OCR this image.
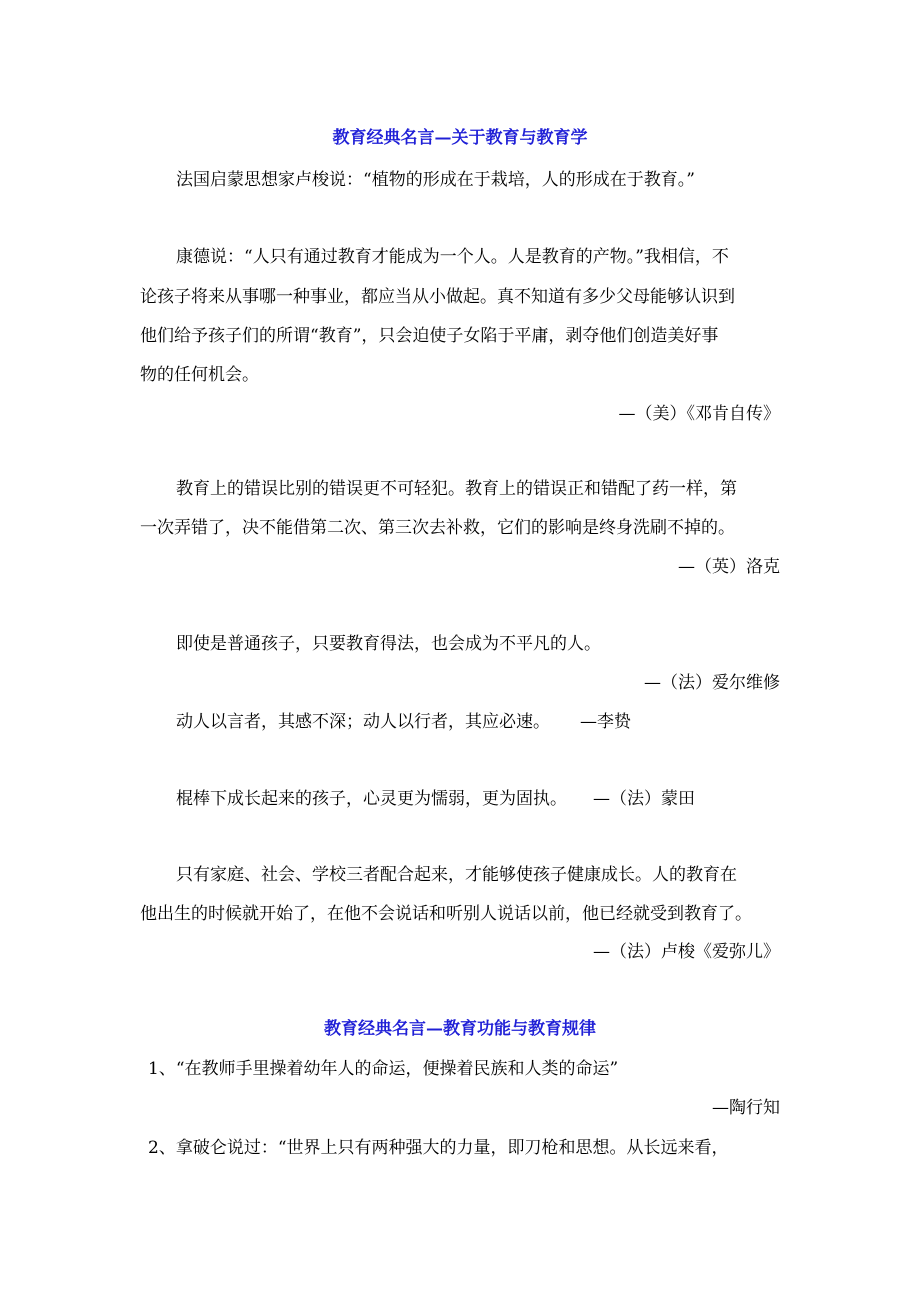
教育经典名言—关于教育与教育学
法国启蒙思想家卢梭说：“植物的形成在于栽培，人的形成在于教育。”
康德说：“人只有通过教育才能成为一个人。人是教育的产物。”我相信，不
论孩子将来从事哪一种事业，都应当从小做起。真不知道有多少父母能够认识到
他们给予孩子们的所谓“教育”，只会迫使子女陷于平庸，剥夺他们创造美好事
物的任何机会。
—（美）《邓肯自传》
教育上的错误比别的错误更不可轻犯。教育上的错误正和错配了药一样，第
一次弄错了，决不能借第二次、第三次去补救，它们的影响是终身洗刷不掉的。
—（英）洛克
即使是普通孩子，只要教育得法，也会成为不平凡的人。
—（法）爱尔维修
动人以言者，其感不深；动人以行者，其应必速。 —李贽
棍棒下成长起来的孩子，心灵更为懦弱，更为固执。 —（法）蒙田
只有家庭、社会、学校三者配合起来，才能够使孩子健康成长。人的教育在
他出生的时候就开始了，在他不会说话和听别人说话以前，他已经就受到教育了。
—（法）卢梭《爱弥儿》
教育经典名言—教育功能与教育规律
1、“在教师手里操着幼年人的命运，便操着民族和人类的命运”
—陶行知
2、拿破仑说过：“世界上只有两种强大的力量，即刀枪和思想。从长远来看，
